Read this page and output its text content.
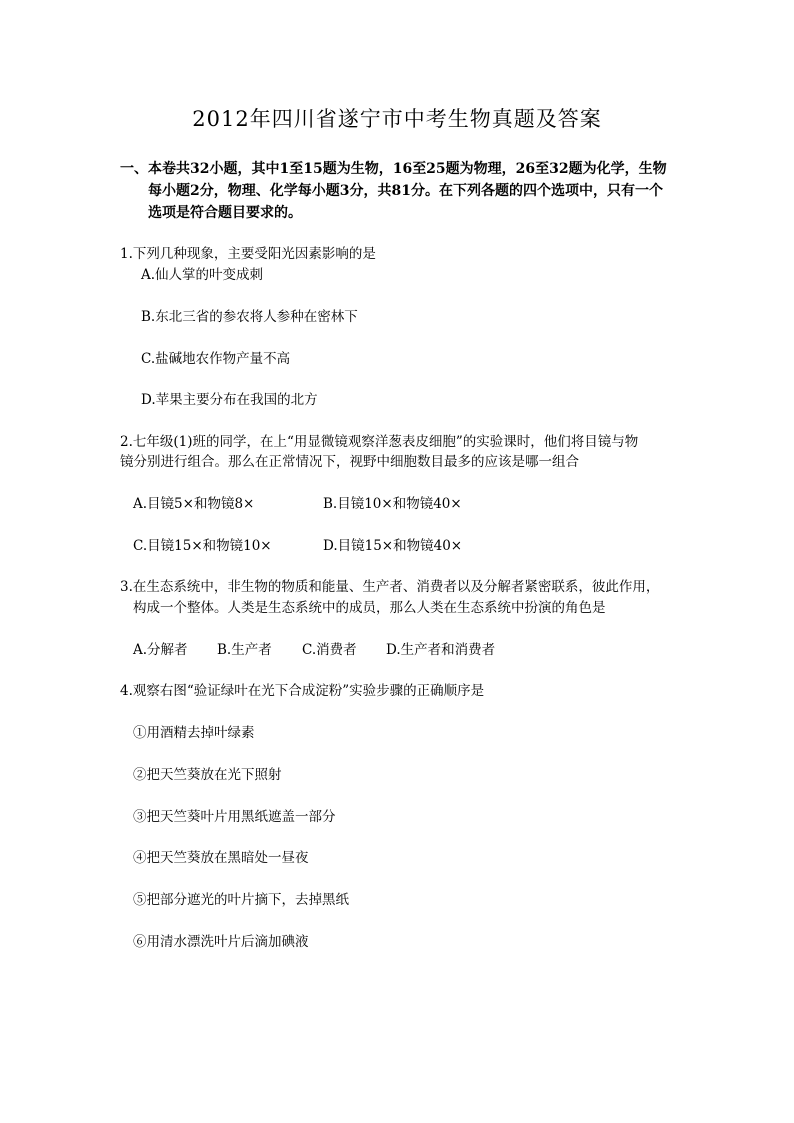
2012年四川省遂宁市中考生物真题及答案
一、本卷共32小题，其中1至15题为生物，16至25题为物理，26至32题为化学，生物
每小题2分，物理、化学每小题3分，共81分。在下列各题的四个选项中，只有一个
选项是符合题目要求的。
1.下列几种现象，主要受阳光因素影响的是
A.仙人掌的叶变成刺
B.东北三省的参农将人参种在密林下
C.盐碱地农作物产量不高
D.苹果主要分布在我国的北方
2.七年级(1)班的同学，在上“用显微镜观察洋葱表皮细胞”的实验课时，他们将目镜与物
镜分别进行组合。那么在正常情况下，视野中细胞数目最多的应该是哪一组合
A.目镜5×和物镜8×	B.目镜10×和物镜40×
C.目镜15×和物镜10×	D.目镜15×和物镜40×
3.在生态系统中，非生物的物质和能量、生产者、消费者以及分解者紧密联系，彼此作用，
构成一个整体。人类是生态系统中的成员，那么人类在生态系统中扮演的角色是
A.分解者 B.生产者 C.消费者 D.生产者和消费者
4.观察右图“验证绿叶在光下合成淀粉”实验步骤的正确顺序是
①用酒精去掉叶绿素
②把天竺葵放在光下照射
③把天竺葵叶片用黑纸遮盖一部分
④把天竺葵放在黑暗处一昼夜
⑤把部分遮光的叶片摘下，去掉黑纸
⑥用清水漂洗叶片后滴加碘液
